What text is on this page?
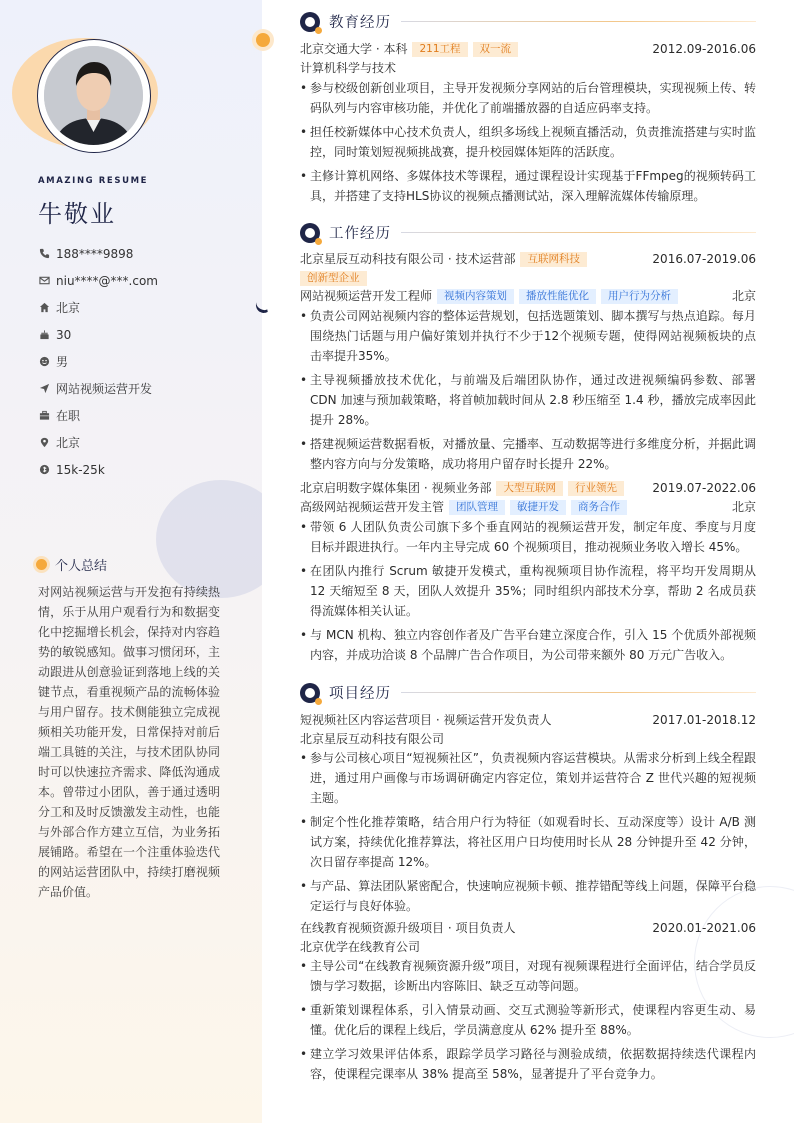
AMAZING RESUME
牛敬业
188****9898
niu****@***.com
北京
30
男
网站视频运营开发
在职
北京
15k-25k
个人总结
对网站视频运营与开发抱有持续热情，乐于从用户观看行为和数据变化中挖掘增长机会，保持对内容趋势的敏锐感知。做事习惯闭环，主动跟进从创意验证到落地上线的关键节点，看重视频产品的流畅体验与用户留存。技术侧能独立完成视频相关功能开发，日常保持对前后端工具链的关注，与技术团队协同时可以快速拉齐需求、降低沟通成本。曾带过小团队，善于通过透明分工和及时反馈激发主动性，也能与外部合作方建立互信，为业务拓展铺路。希望在一个注重体验迭代的网站运营团队中，持续打磨视频产品价值。
教育经历
北京交通大学 · 本科	211工程	双一流	2012.09-2016.06
计算机科学与技术
• 参与校级创新创业项目，主导开发视频分享网站的后台管理模块，实现视频上传、转码队列与内容审核功能，并优化了前端播放器的自适应码率支持。
• 担任校新媒体中心技术负责人，组织多场线上视频直播活动，负责推流搭建与实时监控，同时策划短视频挑战赛，提升校园媒体矩阵的活跃度。
• 主修计算机网络、多媒体技术等课程，通过课程设计实现基于FFmpeg的视频转码工具，并搭建了支持HLS协议的视频点播测试站，深入理解流媒体传输原理。
工作经历
北京星辰互动科技有限公司 · 技术运营部	互联网科技	2016.07-2019.06
创新型企业
网站视频运营开发工程师	视频内容策划	播放性能优化	用户行为分析	北京
• 负责公司网站视频内容的整体运营规划，包括选题策划、脚本撰写与热点追踪。每月围绕热门话题与用户偏好策划并执行不少于12个视频专题，使得网站视频板块的点击率提升35%。
• 主导视频播放技术优化，与前端及后端团队协作，通过改进视频编码参数、部署 CDN 加速与预加载策略，将首帧加载时间从 2.8 秒压缩至 1.4 秒，播放完成率因此提升 28%。
• 搭建视频运营数据看板，对播放量、完播率、互动数据等进行多维度分析，并据此调整内容方向与分发策略，成功将用户留存时长提升 22%。
北京启明数字媒体集团 · 视频业务部	大型互联网	行业领先	2019.07-2022.06
高级网站视频运营开发主管	团队管理	敏捷开发	商务合作	北京
• 带领 6 人团队负责公司旗下多个垂直网站的视频运营开发，制定年度、季度与月度目标并跟进执行。一年内主导完成 60 个视频项目，推动视频业务收入增长 45%。
• 在团队内推行 Scrum 敏捷开发模式，重构视频项目协作流程，将平均开发周期从 12 天缩短至 8 天，团队人效提升 35%；同时组织内部技术分享，帮助 2 名成员获得流媒体相关认证。
• 与 MCN 机构、独立内容创作者及广告平台建立深度合作，引入 15 个优质外部视频内容，并成功洽谈 8 个品牌广告合作项目，为公司带来额外 80 万元广告收入。
项目经历
短视频社区内容运营项目 · 视频运营开发负责人	2017.01-2018.12
北京星辰互动科技有限公司
• 参与公司核心项目“短视频社区”，负责视频内容运营模块。从需求分析到上线全程跟进，通过用户画像与市场调研确定内容定位，策划并运营符合 Z 世代兴趣的短视频主题。
• 制定个性化推荐策略，结合用户行为特征（如观看时长、互动深度等）设计 A/B 测试方案，持续优化推荐算法，将社区用户日均使用时长从 28 分钟提升至 42 分钟，次日留存率提高 12%。
• 与产品、算法团队紧密配合，快速响应视频卡顿、推荐错配等线上问题，保障平台稳定运行与良好体验。
在线教育视频资源升级项目 · 项目负责人	2020.01-2021.06
北京优学在线教育公司
• 主导公司“在线教育视频资源升级”项目，对现有视频课程进行全面评估，结合学员反馈与学习数据，诊断出内容陈旧、缺乏互动等问题。
• 重新策划课程体系，引入情景动画、交互式测验等新形式，使课程内容更生动、易懂。优化后的课程上线后，学员满意度从 62% 提升至 88%。
• 建立学习效果评估体系，跟踪学员学习路径与测验成绩，依据数据持续迭代课程内容，使课程完课率从 38% 提高至 58%，显著提升了平台竞争力。
